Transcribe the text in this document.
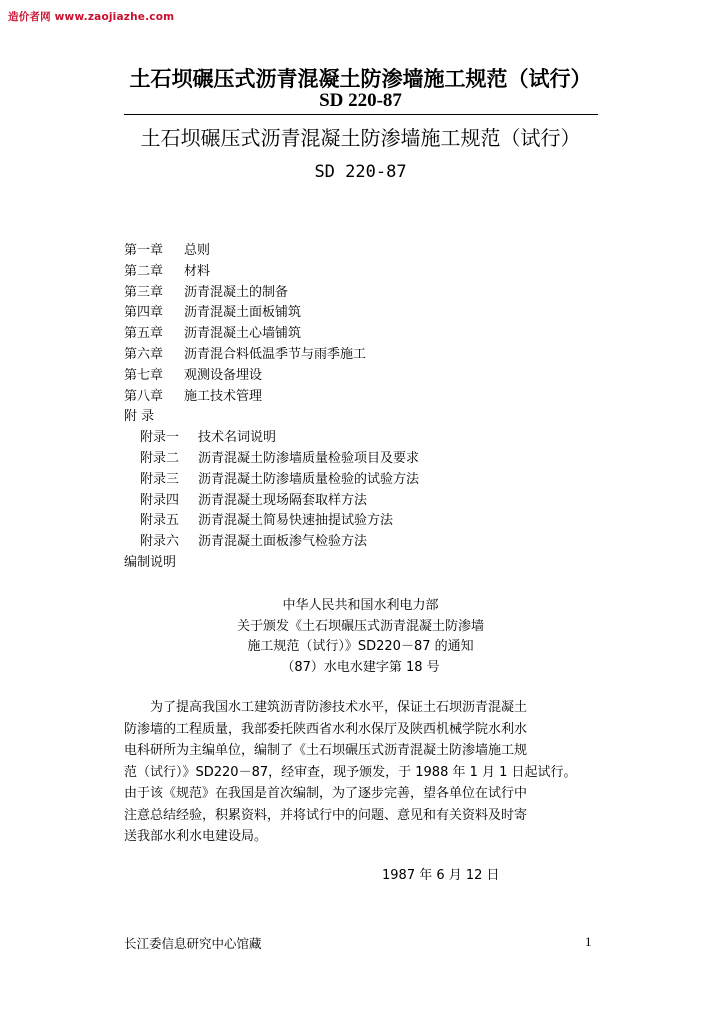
造价者网 www.zaojiazhe.com
土石坝碾压式沥青混凝土防渗墙施工规范（试行）
SD 220-87
土石坝碾压式沥青混凝土防渗墙施工规范（试行）
SD 220-87
第一章 总则
第二章 材料
第三章 沥青混凝土的制备
第四章 沥青混凝土面板铺筑
第五章 沥青混凝土心墙铺筑
第六章 沥青混合料低温季节与雨季施工
第七章 观测设备埋设
第八章 施工技术管理
附 录
附录一 技术名词说明
附录二 沥青混凝土防渗墙质量检验项目及要求
附录三 沥青混凝土防渗墙质量检验的试验方法
附录四 沥青混凝土现场隔套取样方法
附录五 沥青混凝土简易快速抽提试验方法
附录六 沥青混凝土面板渗气检验方法
编制说明
中华人民共和国水利电力部
关于颁发《土石坝碾压式沥青混凝土防渗墙
施工规范（试行）》SD220－87 的通知
（87）水电水建字第 18 号
　　为了提高我国水工建筑沥青防渗技术水平，保证土石坝沥青混凝土
防渗墙的工程质量，我部委托陕西省水利水保厅及陕西机械学院水利水
电科研所为主编单位，编制了《土石坝碾压式沥青混凝土防渗墙施工规
范（试行）》SD220－87，经审查，现予颁发，于 1988 年 1 月 1 日起试行。
由于该《规范》在我国是首次编制，为了逐步完善，望各单位在试行中
注意总结经验，积累资料，并将试行中的问题、意见和有关资料及时寄
送我部水利水电建设局。
1987 年 6 月 12 日
长江委信息研究中心馆藏	1
